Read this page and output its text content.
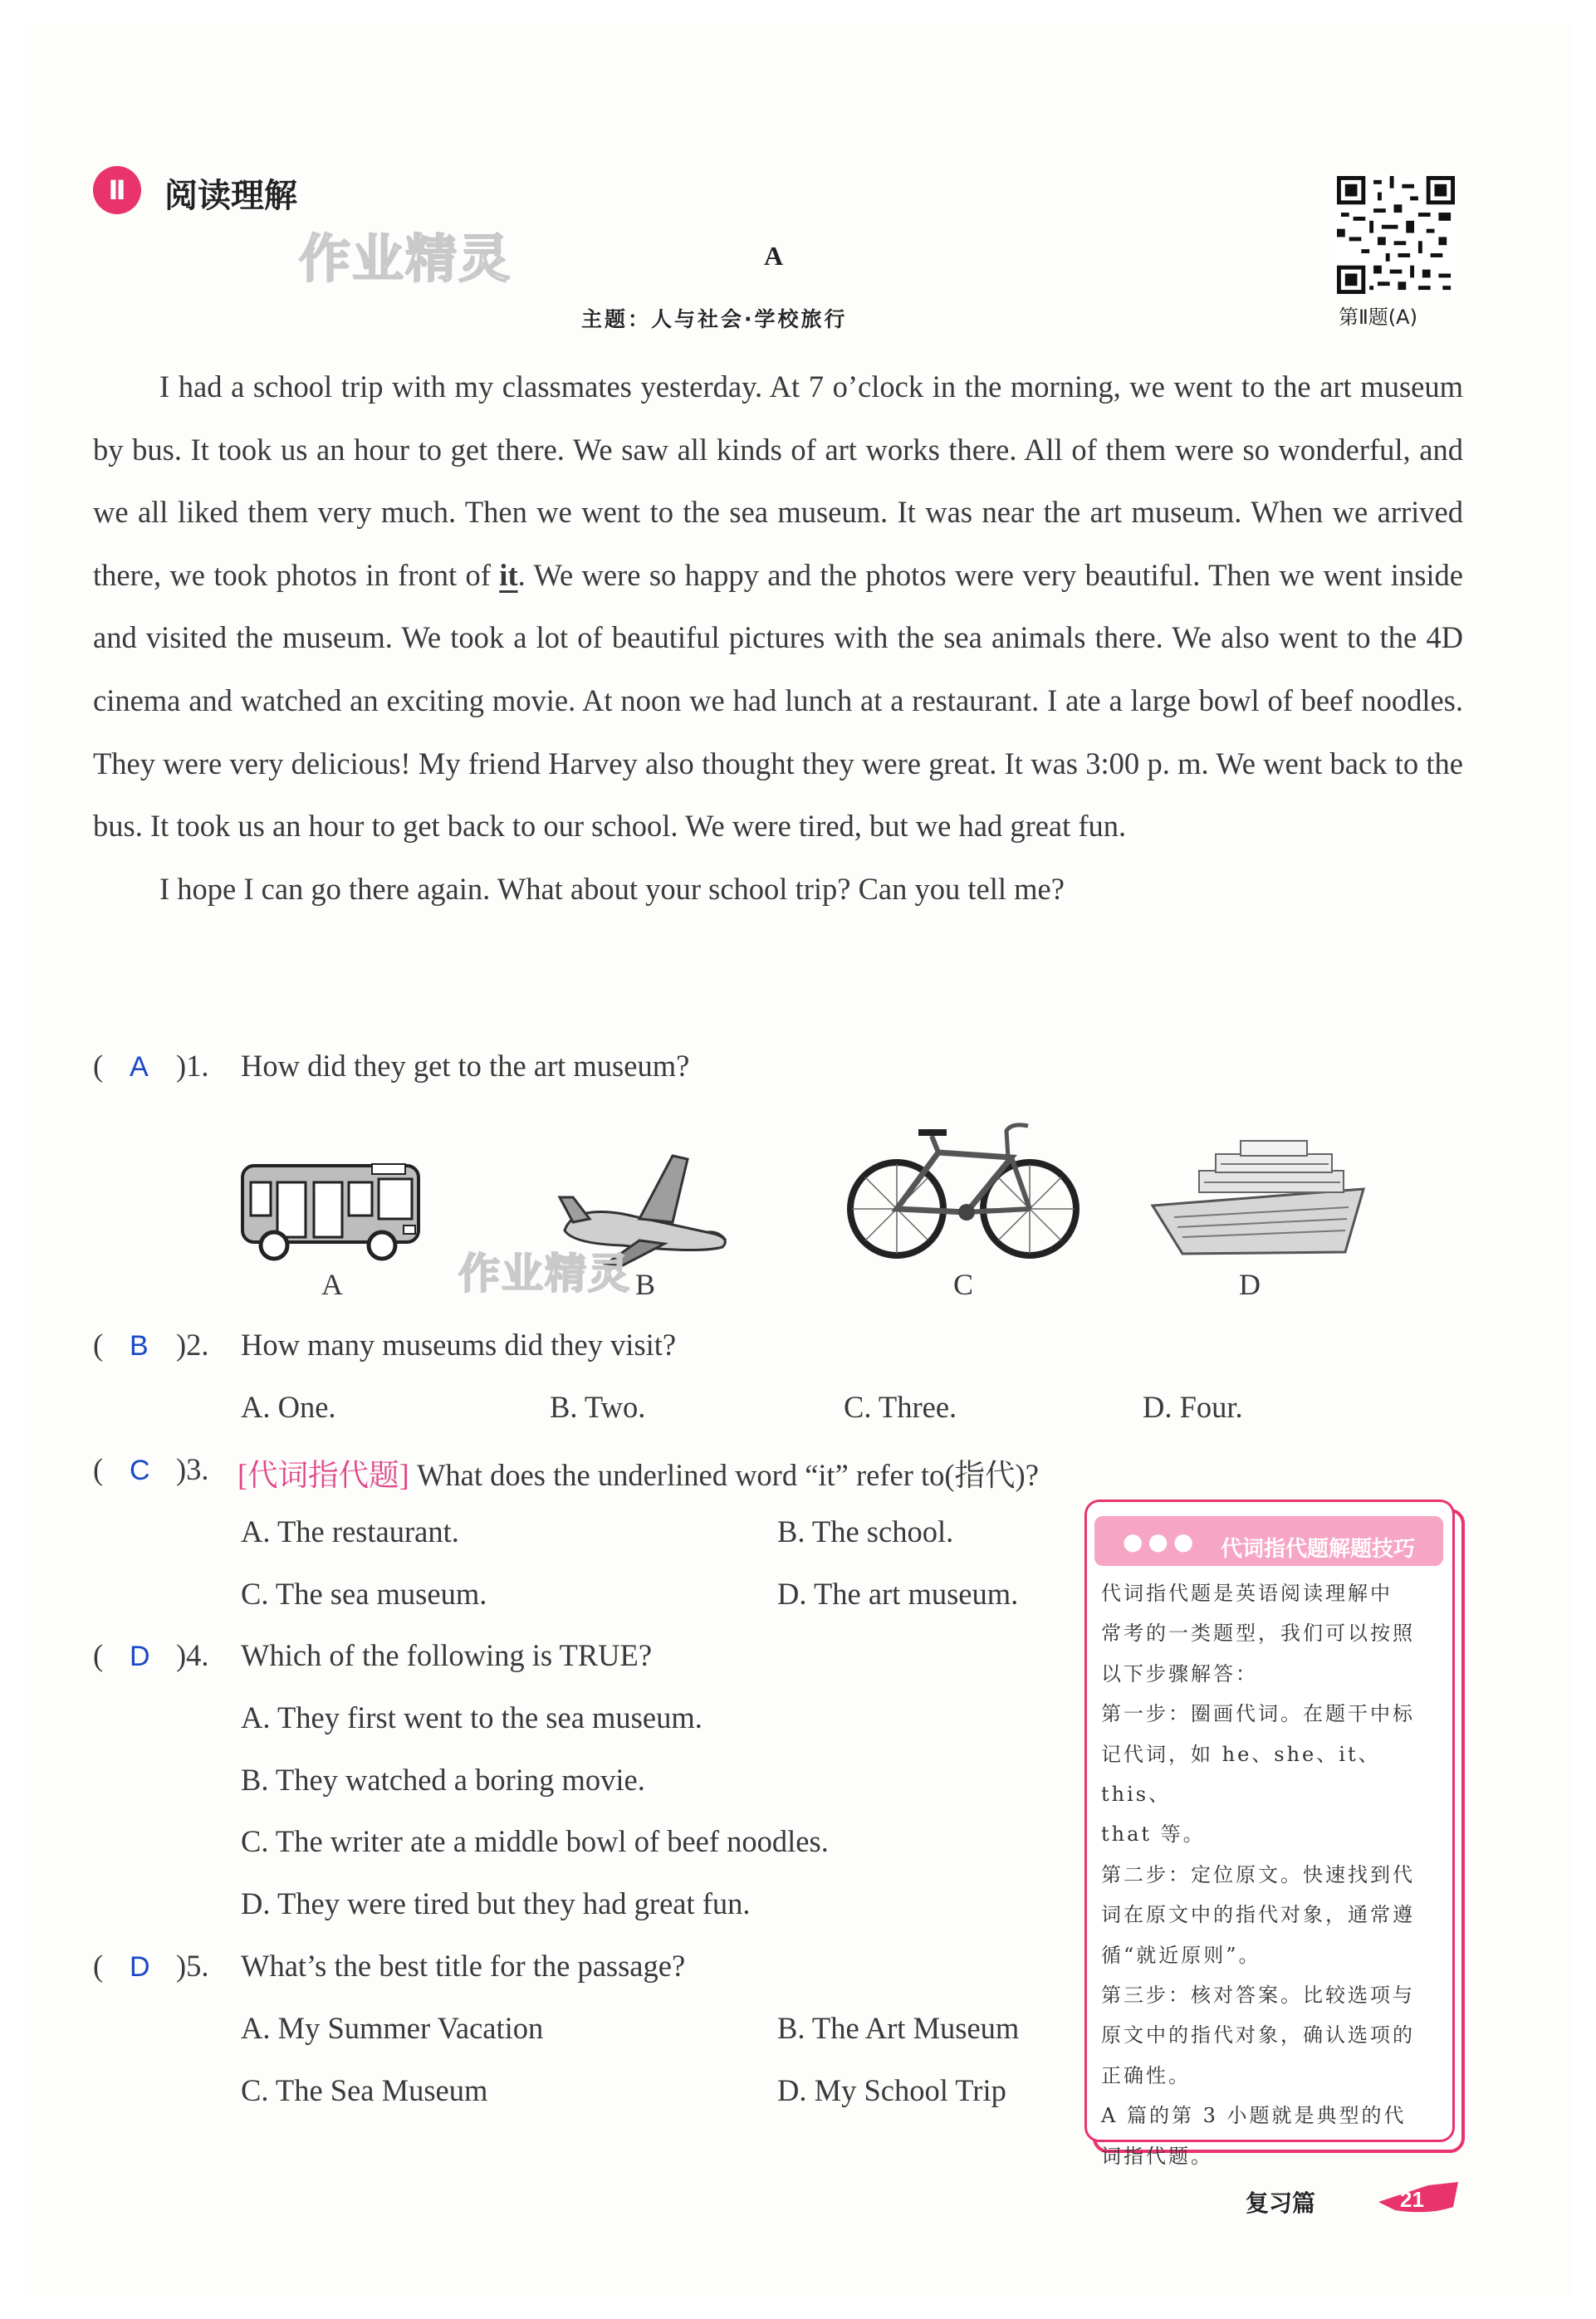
Ⅱ	阅读理解
作业精灵
第Ⅱ题(A)
A
主题：人与社会·学校旅行

I had a school trip with my classmates yesterday. At 7 o’clock in the morning, we went to the art museum by bus. It took us an hour to get there. We saw all kinds of art works there. All of them were so wonderful, and we all liked them very much. Then we went to the sea museum. It was near the art museum. When we arrived there, we took photos in front of it. We were so happy and the photos were very beautiful. Then we went inside and visited the museum. We took a lot of beautiful pictures with the sea animals there. We also went to the 4D cinema and watched an exciting movie. At noon we had lunch at a restaurant. I ate a large bowl of beef noodles. They were very delicious! My friend Harvey also thought they were great. It was 3:00 p. m. We went back to the bus. It took us an hour to get back to our school. We were tired, but we had great fun.

I hope I can go there again. What about your school trip? Can you tell me?

( A )1. How did they get to the art museum?
A	B	C	D
作业精灵
( B )2. How many museums did they visit?
A. One.	B. Two.	C. Three.	D. Four.
( C )3. [代词指代题] What does the underlined word “it” refer to(指代)?
A. The restaurant.	B. The school.
C. The sea museum.	D. The art museum.
( D )4. Which of the following is TRUE?
A. They first went to the sea museum.
B. They watched a boring movie.
C. The writer ate a middle bowl of beef noodles.
D. They were tired but they had great fun.
( D )5. What’s the best title for the passage?
A. My Summer Vacation	B. The Art Museum
C. The Sea Museum	D. My School Trip
●●● 代词指代题解题技巧
代词指代题是英语阅读理解中
常考的一类题型，我们可以按照
以下步骤解答：
第一步：圈画代词。在题干中标
记代词，如 he、she、it、this、
that 等。
第二步：定位原文。快速找到代
词在原文中的指代对象，通常遵
循“就近原则”。
第三步：核对答案。比较选项与
原文中的指代对象，确认选项的
正确性。
A 篇的第 3 小题就是典型的代
词指代题。
复习篇	21
